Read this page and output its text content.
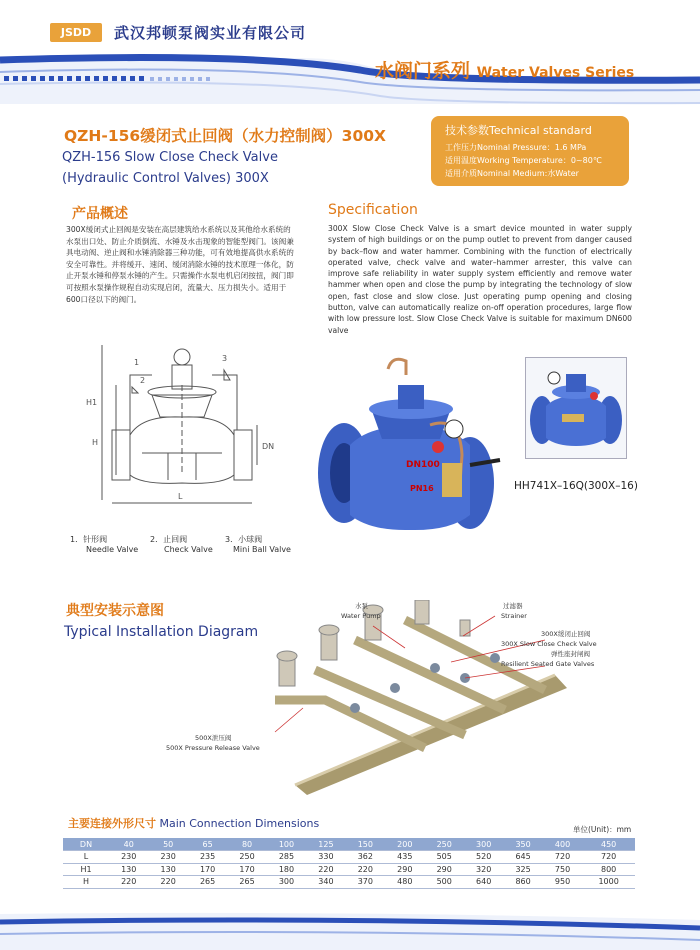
JSDD	武汉邦顿泵阀实业有限公司
水阀门系列 Water Valves Series
QZH-156缓闭式止回阀（水力控制阀）300X
QZH-156 Slow Close Check Valve
(Hydraulic Control Valves) 300X
技术参数Technical standard
工作压力Nominal Pressure：1.6 MPa
适用温度Working Temperature：0~80℃
适用介质Nominal Medium:水Water
产品概述	Specification
300X缓闭式止回阀是安装在高层建筑给水系统以及其他给水系统的水泵出口处、防止介质倒流、水锤及水击现象的智能型阀门。该阀兼具电动阀、逆止阀和水锤消除器三种功能，可有效地提高供水系统的安全可靠性。并将缓开、速闭、缓闭消除水锤的技术原理一体化，防止开泵水锤和停泵水锤的产生。只需操作水泵电机启闭按扭，阀门即可按照水泵操作规程自动实现启闭，流量大、压力损失小。适用于600口径以下的阀门。
300X Slow Close Check Valve is a smart device mounted in water supply system of high buildings or on the pump outlet to prevent from danger caused by back–flow and water hammer. Combining with the function of electrically operated valve, check valve and water–hammer arrester, this valve can improve safe reliability in water supply system efficiently and remove water hammer when open and close the pump by integrating the technology of slow open, fast close and slow close. Just operating pump opening and closing button, valve can automatically realize on-off operation procedures, large flow with low pressure lost. Slow Close Check Valve is suitable for maximum DN600 valve
H1
H
L
DN
3
1
2
1．针形阀
Needle Valve
2．止回阀
Check Valve
3．小球阀
Mini Ball Valve
DN100
PN16	HH741X–16Q(300X–16)
典型安装示意图
Typical Installation Diagram
水泵
Water Pump
过滤器
Strainer
300X缓闭止回阀
300X Slow Close Check Valve
弹性座封闸阀
Resilient Seated Gate Valves
500X泄压阀
500X Pressure Release Valve
主要连接外形尺寸 Main Connection Dimensions	单位(Unit)：mm
DN	40	50	65	80	100	125	150	200	250	300	350	400	450
L	230	230	235	250	285	330	362	435	505	520	645	720	720
H1	130	130	170	170	180	220	220	290	290	320	325	750	800
H	220	220	265	265	300	340	370	480	500	640	860	950	1000
